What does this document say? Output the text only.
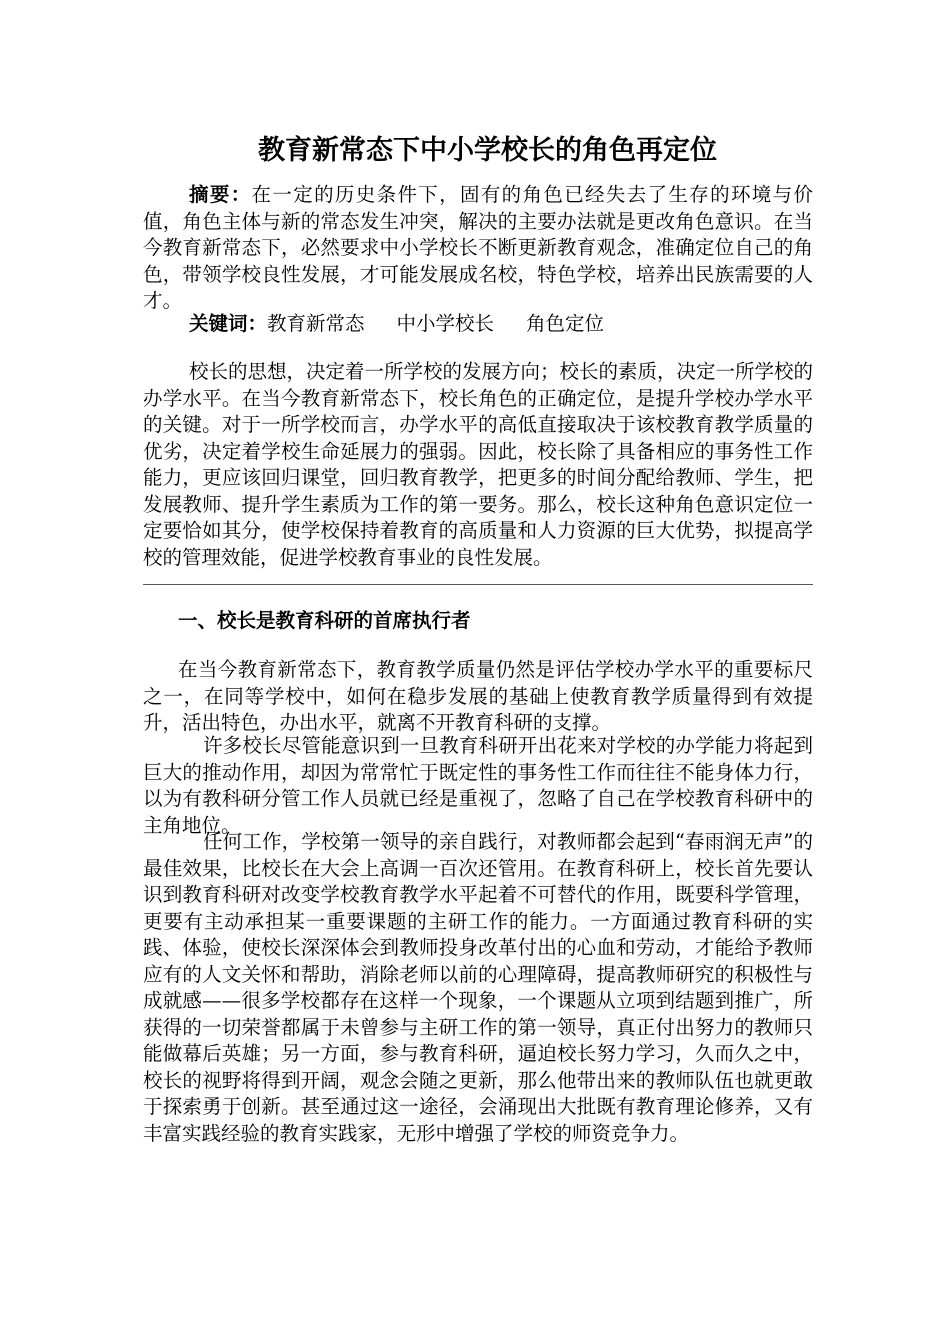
教育新常态下中小学校长的角色再定位
摘要：在一定的历史条件下，固有的角色已经失去了生存的环境与价值，角色主体与新的常态发生冲突，解决的主要办法就是更改角色意识。在当今教育新常态下，必然要求中小学校长不断更新教育观念，准确定位自己的角色，带领学校良性发展，才可能发展成名校，特色学校，培养出民族需要的人才。
关键词：教育新常态 中小学校长 角色定位
校长的思想，决定着一所学校的发展方向；校长的素质，决定一所学校的办学水平。在当今教育新常态下，校长角色的正确定位，是提升学校办学水平的关键。对于一所学校而言，办学水平的高低直接取决于该校教育教学质量的优劣，决定着学校生命延展力的强弱。因此，校长除了具备相应的事务性工作能力，更应该回归课堂，回归教育教学，把更多的时间分配给教师、学生，把发展教师、提升学生素质为工作的第一要务。那么，校长这种角色意识定位一定要恰如其分，使学校保持着教育的高质量和人力资源的巨大优势，拟提高学校的管理效能，促进学校教育事业的良性发展。
一、校长是教育科研的首席执行者
在当今教育新常态下，教育教学质量仍然是评估学校办学水平的重要标尺之一，在同等学校中，如何在稳步发展的基础上使教育教学质量得到有效提升，活出特色，办出水平，就离不开教育科研的支撑。
许多校长尽管能意识到一旦教育科研开出花来对学校的办学能力将起到巨大的推动作用，却因为常常忙于既定性的事务性工作而往往不能身体力行，以为有教科研分管工作人员就已经是重视了，忽略了自己在学校教育科研中的主角地位。
任何工作，学校第一领导的亲自践行，对教师都会起到“春雨润无声”的最佳效果，比校长在大会上高调一百次还管用。在教育科研上，校长首先要认识到教育科研对改变学校教育教学水平起着不可替代的作用，既要科学管理，更要有主动承担某一重要课题的主研工作的能力。一方面通过教育科研的实践、体验，使校长深深体会到教师投身改革付出的心血和劳动，才能给予教师应有的人文关怀和帮助，消除老师以前的心理障碍，提高教师研究的积极性与成就感——很多学校都存在这样一个现象，一个课题从立项到结题到推广，所获得的一切荣誉都属于未曾参与主研工作的第一领导，真正付出努力的教师只能做幕后英雄；另一方面，参与教育科研，逼迫校长努力学习，久而久之中，校长的视野将得到开阔，观念会随之更新，那么他带出来的教师队伍也就更敢于探索勇于创新。甚至通过这一途径，会涌现出大批既有教育理论修养，又有丰富实践经验的教育实践家，无形中增强了学校的师资竞争力。
